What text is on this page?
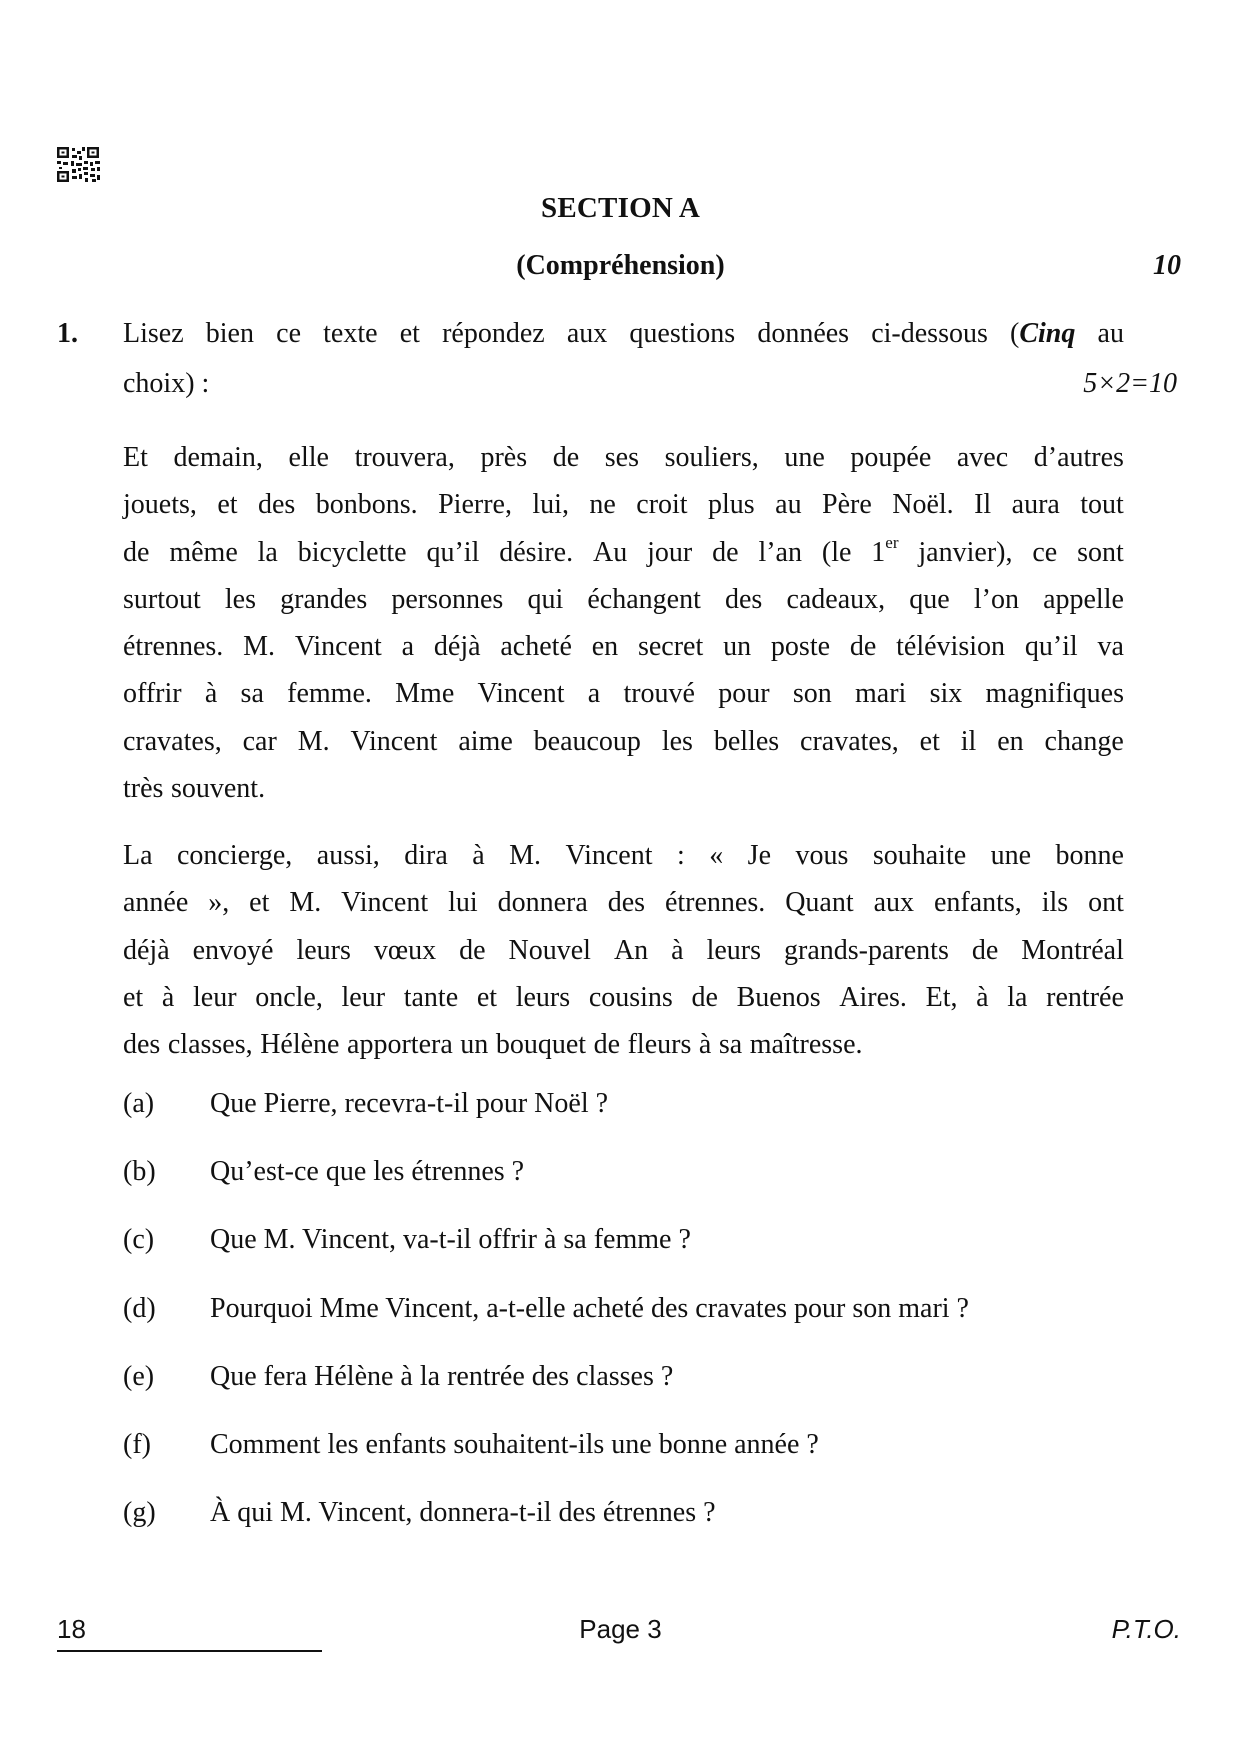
SECTION A
(Compréhension)	10
1. Lisez bien ce texte et répondez aux questions données ci-dessous (Cinq au
choix) :	5×2=10
Et demain, elle trouvera, près de ses souliers, une poupée avec d’autres
jouets, et des bonbons. Pierre, lui, ne croit plus au Père Noël. Il aura tout
de même la bicyclette qu’il désire. Au jour de l’an (le 1er janvier), ce sont
surtout les grandes personnes qui échangent des cadeaux, que l’on appelle
étrennes. M. Vincent a déjà acheté en secret un poste de télévision qu’il va
offrir à sa femme. Mme Vincent a trouvé pour son mari six magnifiques
cravates, car M. Vincent aime beaucoup les belles cravates, et il en change
très souvent.
La concierge, aussi, dira à M. Vincent : « Je vous souhaite une bonne
année », et M. Vincent lui donnera des étrennes. Quant aux enfants, ils ont
déjà envoyé leurs vœux de Nouvel An à leurs grands-parents de Montréal
et à leur oncle, leur tante et leurs cousins de Buenos Aires. Et, à la rentrée
des classes, Hélène apportera un bouquet de fleurs à sa maîtresse.
(a) Que Pierre, recevra-t-il pour Noël ?
(b) Qu’est-ce que les étrennes ?
(c) Que M. Vincent, va-t-il offrir à sa femme ?
(d) Pourquoi Mme Vincent, a-t-elle acheté des cravates pour son mari ?
(e) Que fera Hélène à la rentrée des classes ?
(f) Comment les enfants souhaitent-ils une bonne année ?
(g) À qui M. Vincent, donnera-t-il des étrennes ?
18	Page 3	P.T.O.
